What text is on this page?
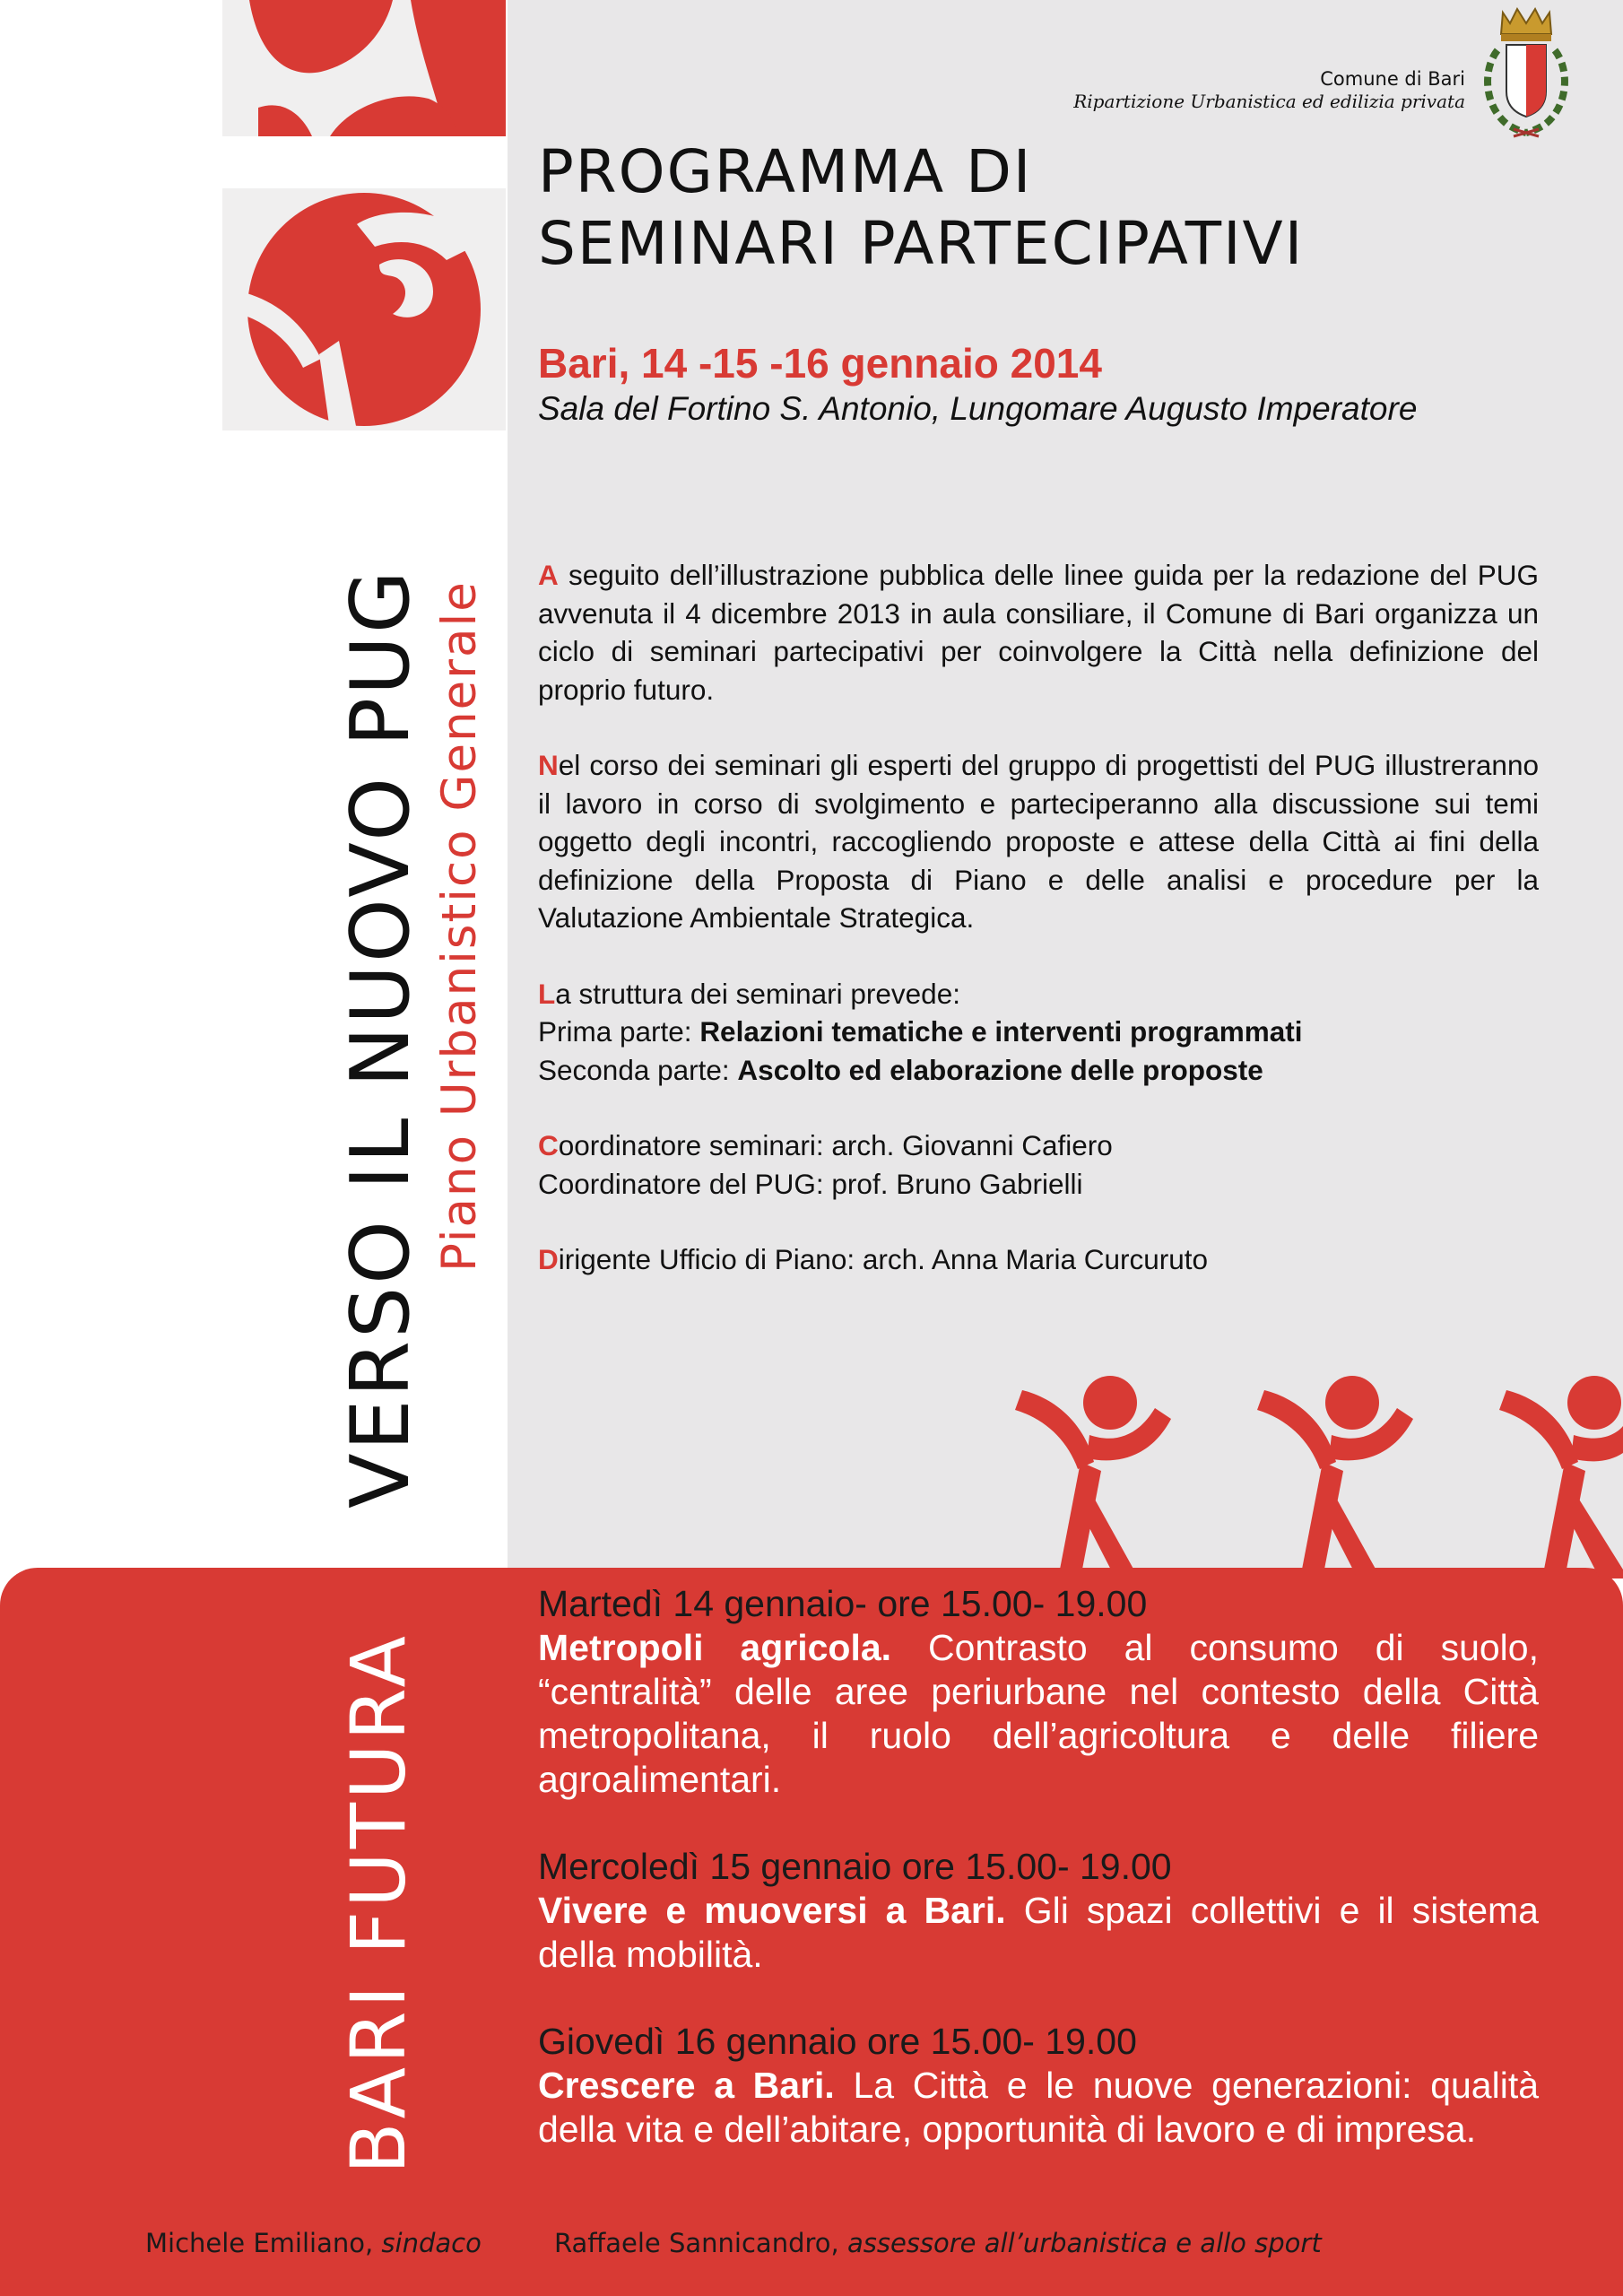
Comune di Bari
Ripartizione Urbanistica ed edilizia privata
PROGRAMMA DI
SEMINARI PARTECIPATIVI
Bari, 14 -15 -16 gennaio 2014
Sala del Fortino S. Antonio, Lungomare Augusto Imperatore
VERSO IL NUOVO PUG Piano Urbanistico Generale
BARI FUTURA

A seguito dell’illustrazione pubblica delle linee guida per la redazione del PUG avvenuta il 4 dicembre 2013 in aula consiliare, il Comune di Bari organizza un ciclo di seminari partecipativi per coinvolgere la Città nella definizione del proprio futuro.

Nel corso dei seminari gli esperti del gruppo di progettisti del PUG illustreranno il lavoro in corso di svolgimento e parteciperanno alla discussione sui temi oggetto degli incontri, raccogliendo proposte e attese della Città ai fini della definizione della Proposta di Piano e delle analisi e procedure per la Valutazione Ambientale Strategica.

La struttura dei seminari prevede:
Prima parte: Relazioni tematiche e interventi programmati
Seconda parte: Ascolto ed elaborazione delle proposte

Coordinatore seminari: arch. Giovanni Cafiero
Coordinatore del PUG: prof. Bruno Gabrielli

Dirigente Ufficio di Piano: arch. Anna Maria Curcuruto

Martedì 14 gennaio- ore 15.00- 19.00
Metropoli agricola. Contrasto al consumo di suolo, “centralità” delle aree periurbane nel contesto della Città metropolitana, il ruolo dell’agricoltura e delle filiere agroalimentari.
Mercoledì 15 gennaio ore 15.00- 19.00
Vivere e muoversi a Bari. Gli spazi collettivi e il sistema della mobilità.
Giovedì 16 gennaio ore 15.00- 19.00
Crescere a Bari. La Città e le nuove generazioni: qualità della vita e dell’abitare, opportunità di lavoro e di impresa.
Michele Emiliano, sindaco	Raffaele Sannicandro, assessore all’urbanistica e allo sport
